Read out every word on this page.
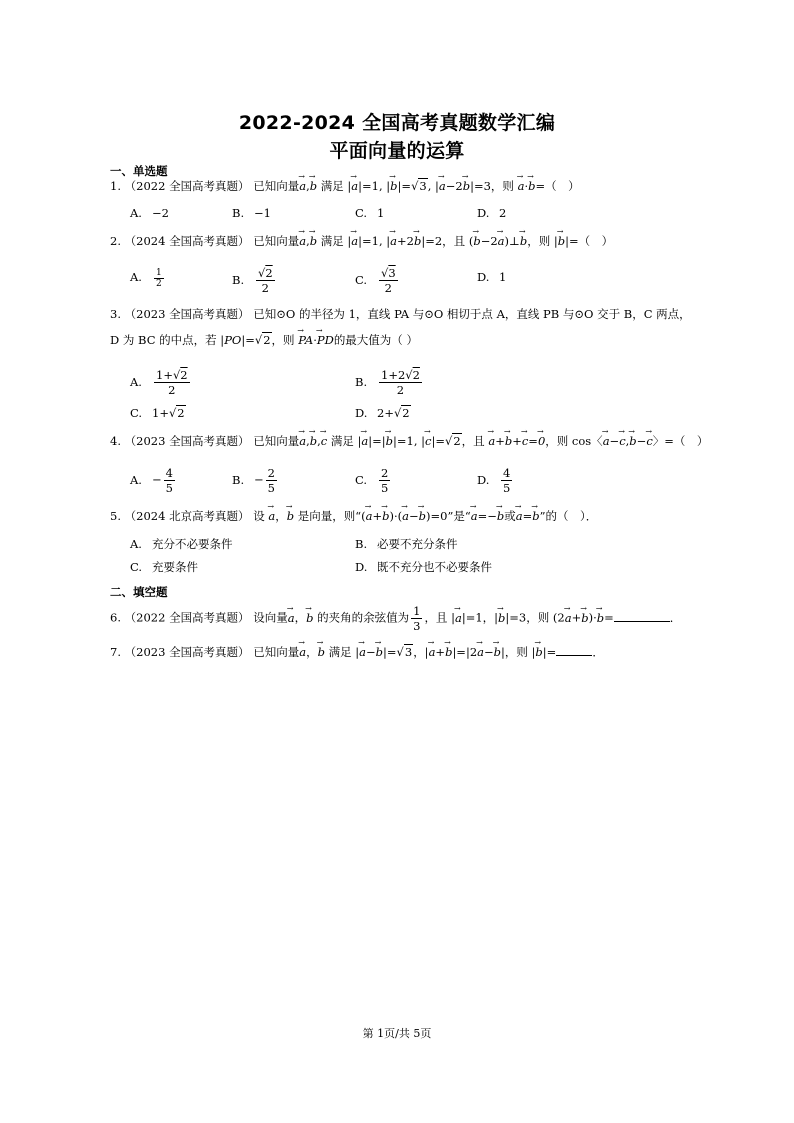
2022-2024 全国高考真题数学汇编
平面向量的运算
一、单选题
1. （2022 全国高考真题） 已知向量→ a,→ b 满足 |→ a|=1, |→ b|=√3, |→ a−2→ b|=3，则 → a·→ b=（　）
A. −2	B. −1	C. 1	D. 2
2. （2024 全国高考真题） 已知向量→ a,→ b 满足 |→ a|=1, |→ a+2→ b|=2，且 (→ b−2→ a)⊥→ b，则 |→ b|=（　）
A. $\frac{1}{2}$	B. $\frac{√2}{2}$	C. $\frac{√3}{2}$	D. 1
3. （2023 全国高考真题） 已知⊙O 的半径为 1，直线 PA 与⊙O 相切于点 A，直线 PB 与⊙O 交于 B，C 两点，
D 为 BC 的中点，若 |PO|=√2，则 → PA·→ PD的最大值为（ ）
A. $\frac{1+√2}{2}$	B. $\frac{1+2√2}{2}$
C. 1+√2	D. 2+√2
4. （2023 全国高考真题） 已知向量→ a,→ b,→ c 满足 |→ a|=|→ b|=1, |→ c|=√2，且 → a+→ b+→ c=→ 0，则 cos〈→ a−→ c,→ b−→ c〉=（　）
A. − $\frac{4}{5}$	B. − $\frac{2}{5}$	C. $\frac{2}{5}$	D. $\frac{4}{5}$
5. （2024 北京高考真题） 设 → a，→ b 是向量，则“(→ a+→ b)·(→ a−→ b)=0”是“→ a=−→ b或→ a=→ b”的（　）．
A. 充分不必要条件	B. 必要不充分条件
C. 充要条件	D. 既不充分也不必要条件
二、填空题
6. （2022 全国高考真题） 设向量→ a，→ b 的夹角的余弦值为 $\frac{1}{3}$ ，且 |→ a|=1，|→ b|=3，则 (2→ a+→ b)·→ b=	．
7. （2023 全国高考真题） 已知向量→ a，→ b 满足 |→ a−→ b|=√3，|→ a+→ b|=|2→ a−→ b|，则 |→ b|=	．
第 1页/共 5页
